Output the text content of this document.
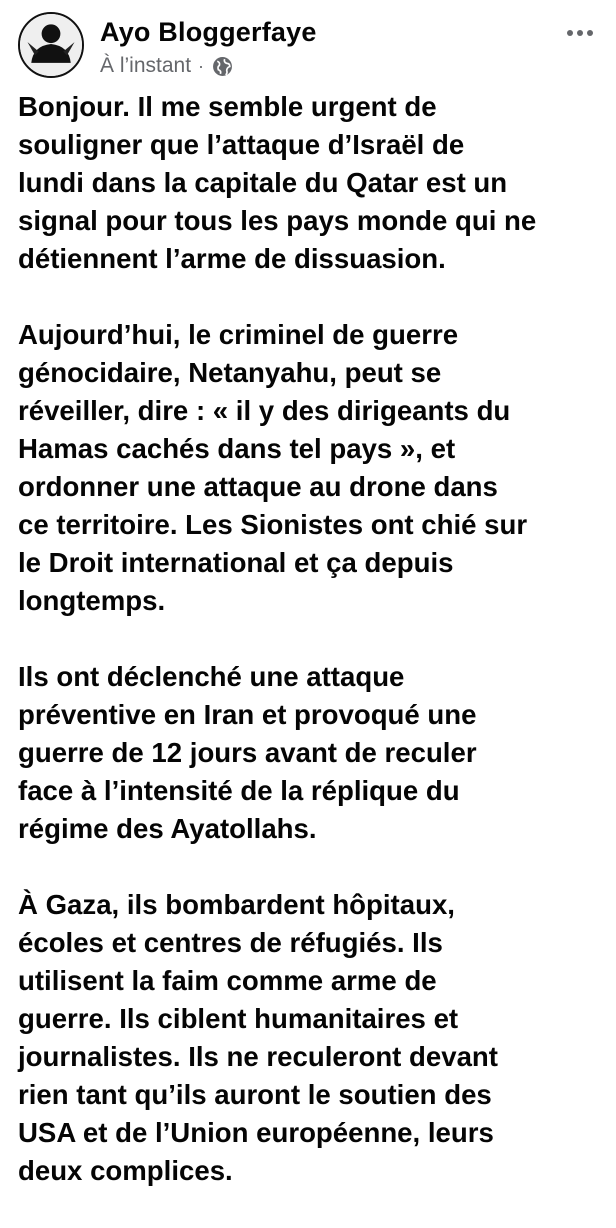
Ayo Bloggerfaye
À l’instant ·

Bonjour. Il me semble urgent de
souligner que l’attaque d’Israël de
lundi dans la capitale du Qatar est un
signal pour tous les pays monde qui ne
détiennent l’arme de dissuasion.

Aujourd’hui, le criminel de guerre
génocidaire, Netanyahu, peut se
réveiller, dire : « il y des dirigeants du
Hamas cachés dans tel pays », et
ordonner une attaque au drone dans
ce territoire. Les Sionistes ont chié sur
le Droit international et ça depuis
longtemps.

Ils ont déclenché une attaque
préventive en Iran et provoqué une
guerre de 12 jours avant de reculer
face à l’intensité de la réplique du
régime des Ayatollahs.

À Gaza, ils bombardent hôpitaux,
écoles et centres de réfugiés. Ils
utilisent la faim comme arme de
guerre. Ils ciblent humanitaires et
journalistes. Ils ne reculeront devant
rien tant qu’ils auront le soutien des
USA et de l’Union européenne, leurs
deux complices.
